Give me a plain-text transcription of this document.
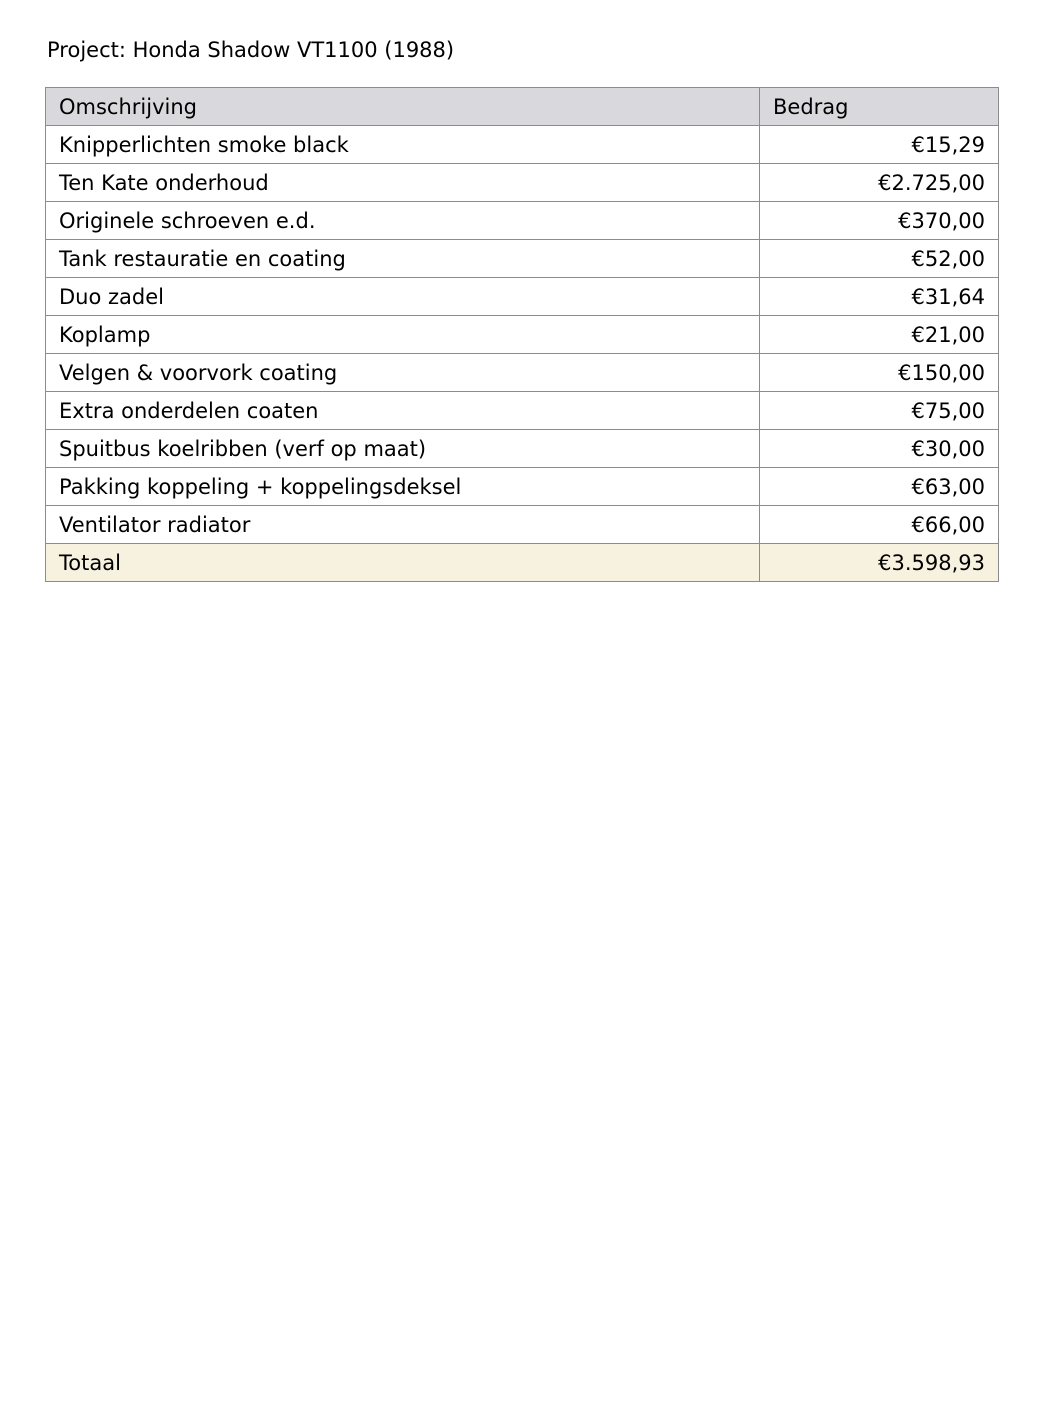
Project: Honda Shadow VT1100 (1988)
Omschrijving	Bedrag
Knipperlichten smoke black	€15,29
Ten Kate onderhoud	€2.725,00
Originele schroeven e.d.	€370,00
Tank restauratie en coating	€52,00
Duo zadel	€31,64
Koplamp	€21,00
Velgen & voorvork coating	€150,00
Extra onderdelen coaten	€75,00
Spuitbus koelribben (verf op maat)	€30,00
Pakking koppeling + koppelingsdeksel	€63,00
Ventilator radiator	€66,00
Totaal	€3.598,93
